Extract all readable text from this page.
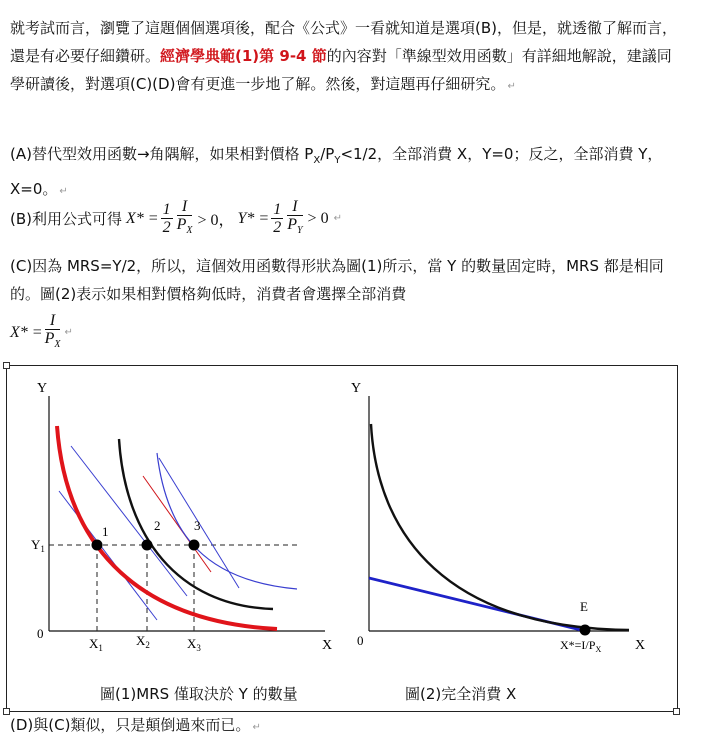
就考試而言，瀏覽了這題個個選項後，配合《公式》一看就知道是選項(B)，但是，就透徹了解而言，還是有必要仔細鑽研。經濟學典範(1)第 9-4 節的內容對「準線型效用函數」有詳細地解說，建議同學研讀後，對選項(C)(D)會有更進一步地了解。然後，對這題再仔細研究。 ↵
(A)替代型效用函數→角隅解，如果相對價格 $P_X/P_Y<1/2$，全部消費 X，Y=0；反之，全部消費 Y，X=0。 ↵
(B)利用公式可得 $X* = \frac{1}{2} \frac{I}{P_X} > 0$， $Y* = \frac{1}{2} \frac{I}{P_Y} > 0$ ↵
(C)因為 MRS=Y/2，所以，這個效用函數得形狀為圖(1)所示，當 Y 的數量固定時，MRS 都是相同的。圖(2)表示如果相對價格夠低時，消費者會選擇全部消費
$X* = \frac{I}{P_X}$ ↵
Y
X
0
$Y_1$
1	2	3
$X_1$	$X_2$	$X_3$
Y
X
0
E
$X*=I/P_X$
圖(1)MRS 僅取決於 Y 的數量	圖(2)完全消費 X
(D)與(C)類似，只是顛倒過來而已。 ↵
